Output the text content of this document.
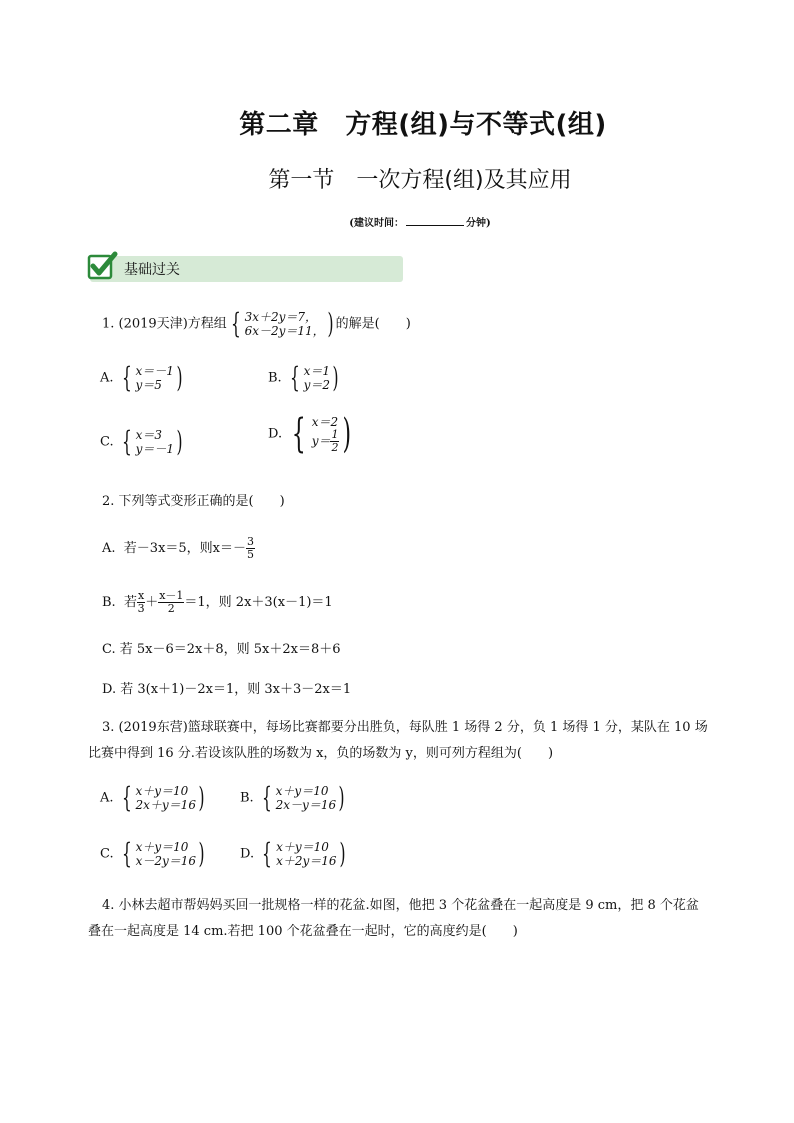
第二章　方程(组)与不等式(组)
第一节　一次方程(组)及其应用
(建议时间：	分钟)
基础过关
1. (2019天津)方程组 { 3x＋2y＝7，
6x－2y＝11， ) 的解是(　　)
A. { x＝－1
y＝5 )	B. { x＝1
y＝2 )
C. { x＝3
y＝－1 )	D. { x＝2
$y= \frac{1}{2}$ )
2. 下列等式变形正确的是(　　)
A. 若－3x＝5，则$x=- \frac{3}{5}$
B. 若 $\frac{x}{3} + \frac{x-1}{2} =1$，则 2x＋3(x－1)＝1
C. 若 5x－6＝2x＋8，则 5x＋2x＝8＋6
D. 若 3(x＋1)－2x＝1，则 3x＋3－2x＝1
3. (2019东营)篮球联赛中，每场比赛都要分出胜负，每队胜 1 场得 2 分，负 1 场得 1 分，某队在 10 场
比赛中得到 16 分.若设该队胜的场数为 x，负的场数为 y，则可列方程组为(　　)
A. { x＋y＝10
2x＋y＝16 )	B. { x＋y＝10
2x－y＝16 )
C. { x＋y＝10
x－2y＝16 )	D. { x＋y＝10
x＋2y＝16 )
4. 小林去超市帮妈妈买回一批规格一样的花盆.如图，他把 3 个花盆叠在一起高度是 9 cm，把 8 个花盆
叠在一起高度是 14 cm.若把 100 个花盆叠在一起时，它的高度约是(　　)
